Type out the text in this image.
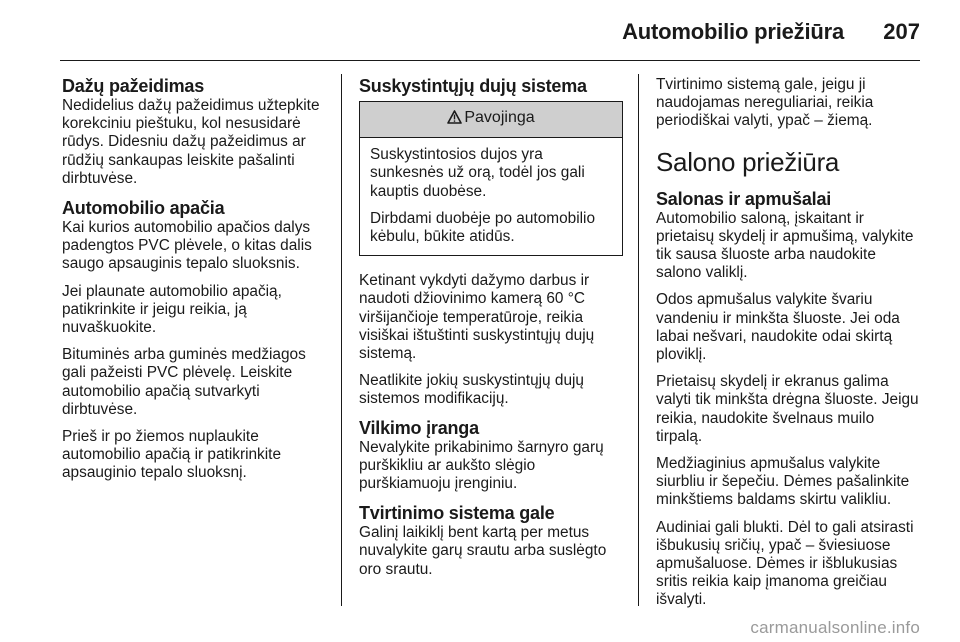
Automobilio priežiūra 207
Dažų pažeidimas

Nedidelius dažų pažeidimus užtepkite korekciniu pieštuku, kol nesusidarė rūdys. Didesniu dažų pažeidimus ar rūdžių sankaupas leiskite pašalinti dirbtuvėse.

Automobilio apačia

Kai kurios automobilio apačios dalys padengtos PVC plėvele, o kitas dalis saugo apsauginis tepalo sluoksnis.

Jei plaunate automobilio apačią, patikrinkite ir jeigu reikia, ją nuvaškuokite.

Bituminės arba guminės medžiagos gali pažeisti PVC plėvelę. Leiskite automobilio apačią sutvarkyti dirbtuvėse.

Prieš ir po žiemos nuplaukite automobilio apačią ir patikrinkite apsauginio tepalo sluoksnį.

Suskystintųjų dujų sistema
Pavojinga

Suskystintosios dujos yra sunkesnės už orą, todėl jos gali kauptis duobėse.

Dirbdami duobėje po automobilio kėbulu, būkite atidūs.

Ketinant vykdyti dažymo darbus ir naudoti džiovinimo kamerą 60 °C viršijančioje temperatūroje, reikia visiškai ištuštinti suskystintųjų dujų sistemą.

Neatlikite jokių suskystintųjų dujų sistemos modifikacijų.

Vilkimo įranga

Nevalykite prikabinimo šarnyro garų purškikliu ar aukšto slėgio purškiamuoju įrenginiu.

Tvirtinimo sistema gale

Galinį laikiklį bent kartą per metus nuvalykite garų srautu arba suslėgto oro srautu.

Tvirtinimo sistemą gale, jeigu ji naudojamas nereguliariai, reikia periodiškai valyti, ypač – žiemą.

Salono priežiūra
Salonas ir apmušalai

Automobilio saloną, įskaitant ir prietaisų skydelį ir apmušimą, valykite tik sausa šluoste arba naudokite salono valiklį.

Odos apmušalus valykite švariu vandeniu ir minkšta šluoste. Jei oda labai nešvari, naudokite odai skirtą ploviklį.

Prietaisų skydelį ir ekranus galima valyti tik minkšta drėgna šluoste. Jeigu reikia, naudokite švelnaus muilo tirpalą.

Medžiaginius apmušalus valykite siurbliu ir šepečiu. Dėmes pašalinkite minkštiems baldams skirtu valikliu.

Audiniai gali blukti. Dėl to gali atsirasti išbukusių sričių, ypač – šviesiuose apmušaluose. Dėmes ir išblukusias sritis reikia kaip įmanoma greičiau išvalyti.

carmanualsonline.info
